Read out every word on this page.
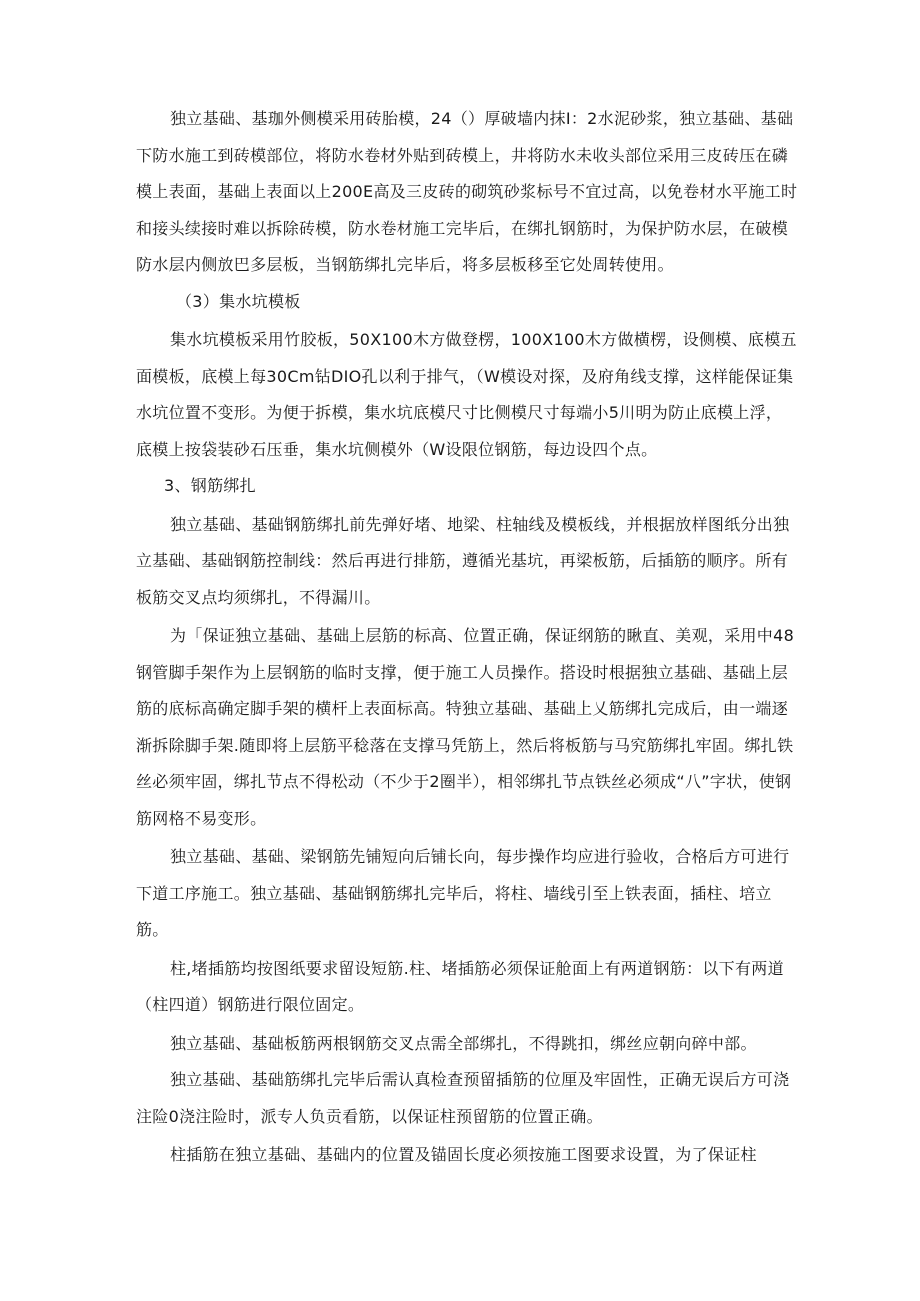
独立基础、基珈外侧模采用砖胎模，24（）厚破墙内抹I：2水泥砂浆，独立基础、基础下防水施工到砖模部位，将防水卷材外贴到砖模上，井将防水未收头部位采用三皮砖压在磷模上表面，基础上表面以上200E高及三皮砖的砌筑砂浆标号不宜过高，以免卷材水平施工时和接头续接时难以拆除砖模，防水卷材施工完毕后，在绑扎钢筋时，为保护防水层，在破模防水层内侧放巴多层板，当钢筋绑扎完毕后，将多层板移至它处周转使用。

（3）集水坑模板

集水坑模板采用竹胶板，50X100木方做登楞，100X100木方做横楞，设侧模、底模五面模板，底模上每30Cm钻DIO孔以利于排气，（W模设对探，及府角线支撑，这样能保证集水坑位置不变形。为便于拆模，集水坑底模尺寸比侧模尺寸每端小5川明为防止底模上浮，底模上按袋装砂石压垂，集水坑侧模外（W设限位钢筋，每边设四个点。

3、钢筋绑扎

独立基础、基础钢筋绑扎前先弹好堵、地梁、柱轴线及模板线，并根据放样图纸分出独立基础、基础钢筋控制线：然后再进行排筋，遵循光基坑，再梁板筋，后插筋的顺序。所有板筋交叉点均须绑扎，不得漏川。

为「保证独立基础、基础上层筋的标高、位置正确，保证纲筋的瞅直、美观，采用中48钢管脚手架作为上层钢筋的临时支撑，便于施工人员操作。搭设时根据独立基础、基础上层筋的底标高确定脚手架的横杆上表面标高。特独立基础、基础上乂筋绑扎完成后，由一端逐渐拆除脚手架.随即将上层筋平稔落在支撑马凭筋上，然后将板筋与马究筋绑扎牢固。绑扎铁丝必须牢固，绑扎节点不得松动（不少于2圈半），相邻绑扎节点铁丝必须成“八”字状，使钢筋网格不易变形。

独立基础、基础、梁钢筋先铺短向后铺长向，每步操作均应进行验收，合格后方可进行下道工序施工。独立基础、基础钢筋绑扎完毕后，将柱、墙线引至上铁表面，插柱、培立筋。

柱,堵插筋均按图纸要求留设短筋.柱、堵插筋必须保证舱面上有两道钢筋：以下有两道（柱四道）钢筋进行限位固定。

独立基础、基础板筋两根钢筋交叉点需全部绑扎，不得跳扣，绑丝应朝向碎中部。

独立基础、基础筋绑扎完毕后需认真检查预留插筋的位厘及牢固性，正确无误后方可浇注险0浇注险时，派专人负贡看筋，以保证柱预留筋的位置正确。

柱插筋在独立基础、基础内的位置及锚固长度必须按施工图要求设置，为了保证柱
